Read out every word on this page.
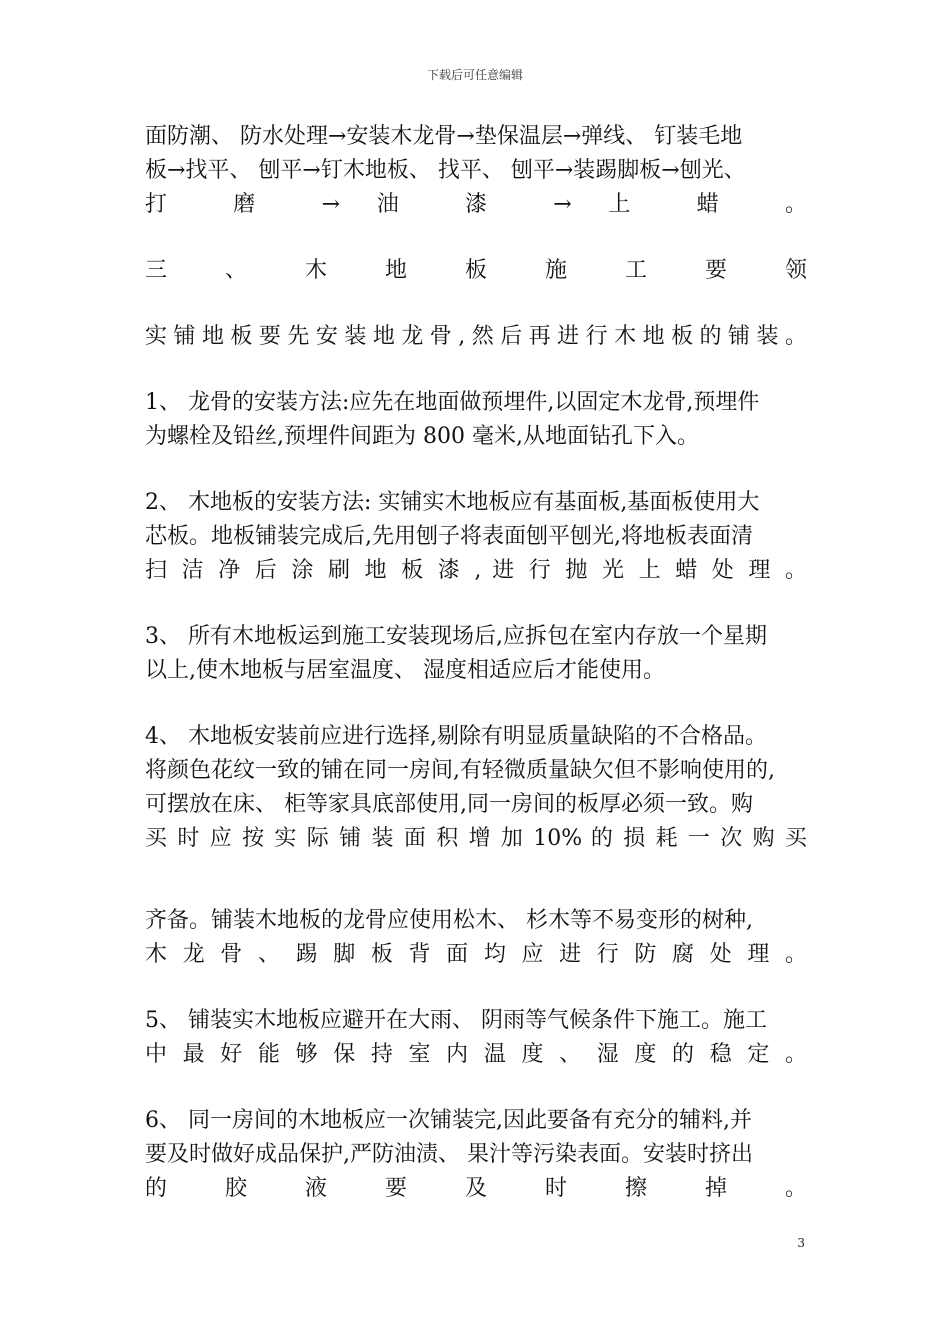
下载后可任意编辑
面防潮、 防水处理→安装木龙骨→垫保温层→弹线、 钉装毛地
板→找平、 刨平→钉木地板、 找平、 刨平→装踢脚板→刨光、
打 磨 → 油 漆 → 上 蜡 。
三 、 木 地 板 施 工 要 领
实铺地板要先安装地龙骨,然后再进行木地板的铺装。
1、 龙骨的安装方法:应先在地面做预埋件,以固定木龙骨,预埋件
为螺栓及铅丝,预埋件间距为 800 毫米,从地面钻孔下入。
2、 木地板的安装方法: 实铺实木地板应有基面板,基面板使用大
芯板。地板铺装完成后,先用刨子将表面刨平刨光,将地板表面清
扫 洁 净 后 涂 刷 地 板 漆 , 进 行 抛 光 上 蜡 处 理 。
3、 所有木地板运到施工安装现场后,应拆包在室内存放一个星期
以上,使木地板与居室温度、 湿度相适应后才能使用。
4、 木地板安装前应进行选择,剔除有明显质量缺陷的不合格品。
将颜色花纹一致的铺在同一房间,有轻微质量缺欠但不影响使用的,
可摆放在床、 柜等家具底部使用,同一房间的板厚必须一致。购
买 时 应 按 实 际 铺 装 面 积 增 加 10% 的 损 耗 一 次 购 买
齐备。铺装木地板的龙骨应使用松木、 杉木等不易变形的树种,
木 龙 骨 、 踢 脚 板 背 面 均 应 进 行 防 腐 处 理 。
5、 铺装实木地板应避开在大雨、 阴雨等气候条件下施工。施工
中 最 好 能 够 保 持 室 内 温 度 、 湿 度 的 稳 定 。
6、 同一房间的木地板应一次铺装完,因此要备有充分的辅料,并
要及时做好成品保护,严防油渍、 果汁等污染表面。安装时挤出
的 胶 液 要 及 时 擦 掉 。
3
